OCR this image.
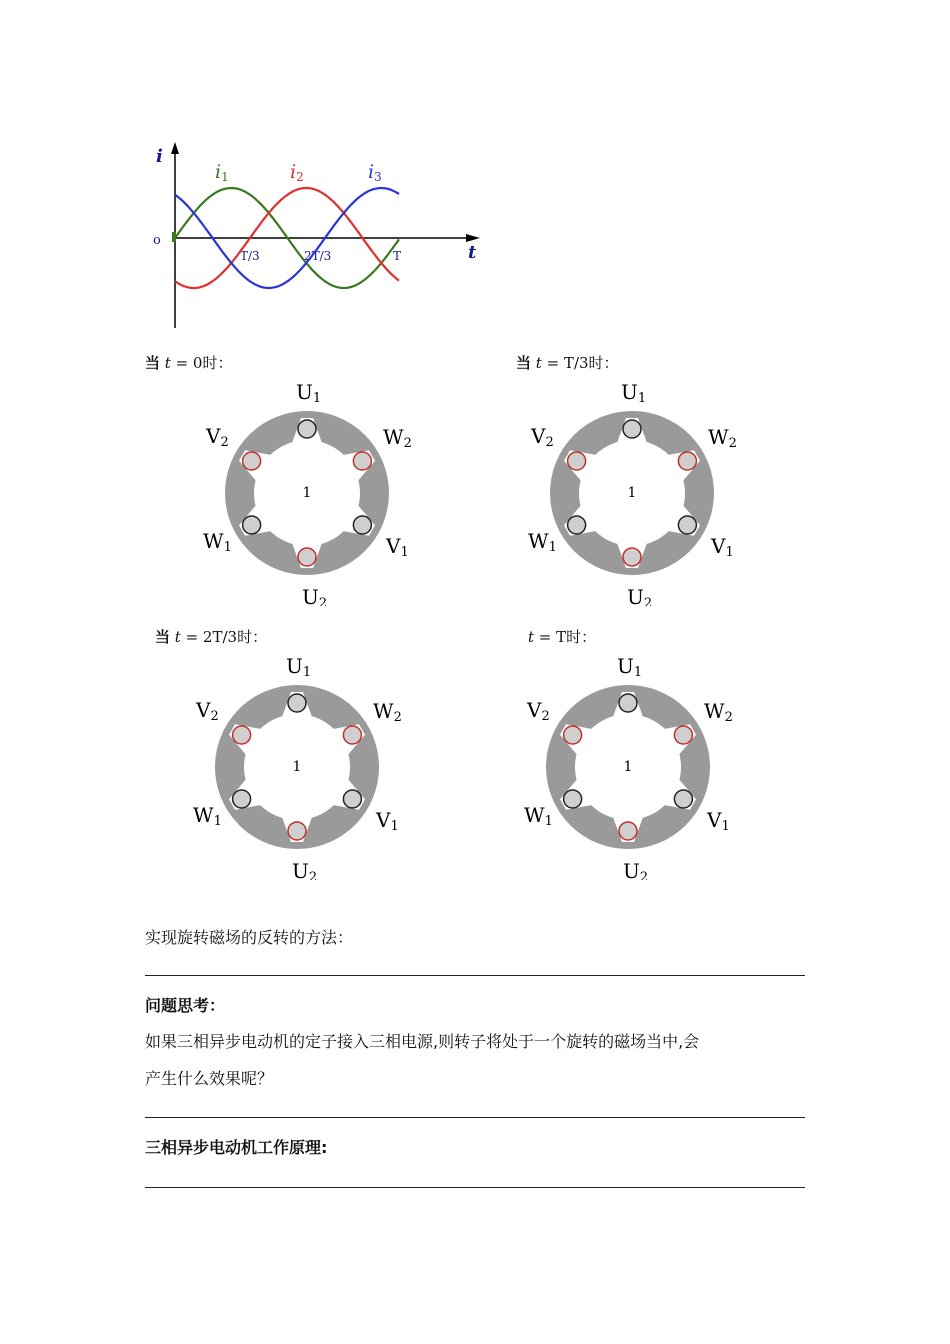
i
t
o
T/3	2T/3	T
i1	i2	i3
当 t = 0时：
1
U1
U2
V2	W2
W1	V1
当 t = T/3时：
1
U1
U2
V2	W2
W1	V1
当 t = 2T/3时：
1
U1
U2
V2	W2
W1	V1
t = T时：
1
U1
U2
V2	W2
W1	V1
实现旋转磁场的反转的方法：
问题思考：
如果三相异步电动机的定子接入三相电源,则转子将处于一个旋转的磁场当中,会
产生什么效果呢？
三相异步电动机工作原理:
